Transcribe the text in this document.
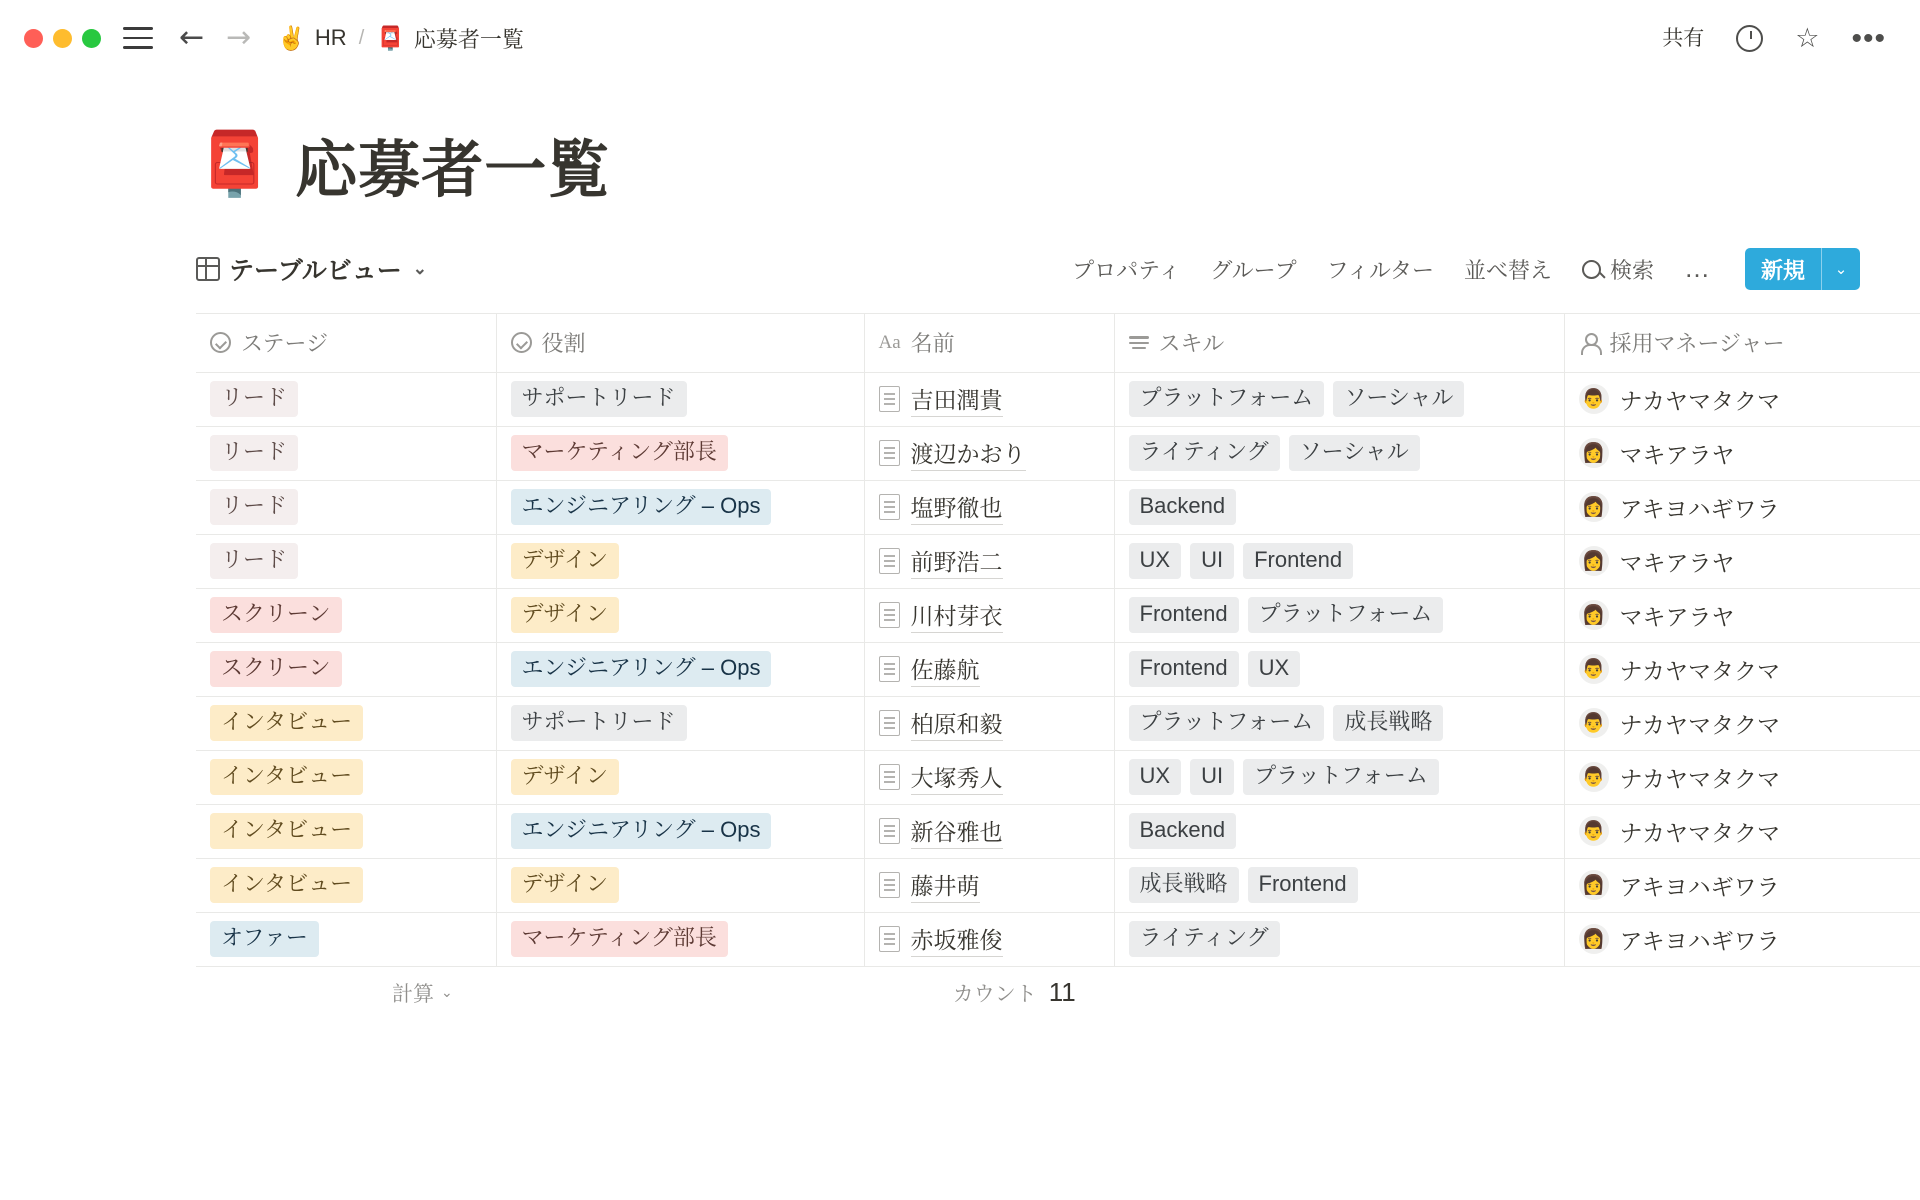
← → ✌️ HR / 📮 応募者一覧	共有	☆ •••
📮 応募者一覧
テーブルビュー ⌄	プロパティ グループ フィルター 並べ替え	検索 …	新規	⌄
ステージ	役割	Aa 名前	スキル	採用マネージャー

リード	サポートリード	吉田潤貴	プラットフォーム ソーシャル	👨 ナカヤマタクマ

リード	マーケティング部長	渡辺かおり	ライティング ソーシャル	👩 マキアラヤ

リード	エンジニアリング – Ops	塩野徹也	Backend	👩 アキヨハギワラ

リード	デザイン	前野浩二	UX UI Frontend	👩 マキアラヤ

スクリーン	デザイン	川村芽衣	Frontend プラットフォーム	👩 マキアラヤ

スクリーン	エンジニアリング – Ops	佐藤航	Frontend UX	👨 ナカヤマタクマ

インタビュー	サポートリード	柏原和毅	プラットフォーム 成長戦略	👨 ナカヤマタクマ

インタビュー	デザイン	大塚秀人	UX UI プラットフォーム	👨 ナカヤマタクマ

インタビュー	エンジニアリング – Ops	新谷雅也	Backend	👨 ナカヤマタクマ

インタビュー	デザイン	藤井萌	成長戦略 Frontend	👩 アキヨハギワラ

オファー	マーケティング部長	赤坂雅俊	ライティング	👩 アキヨハギワラ
計算 ⌄	カウント 11
